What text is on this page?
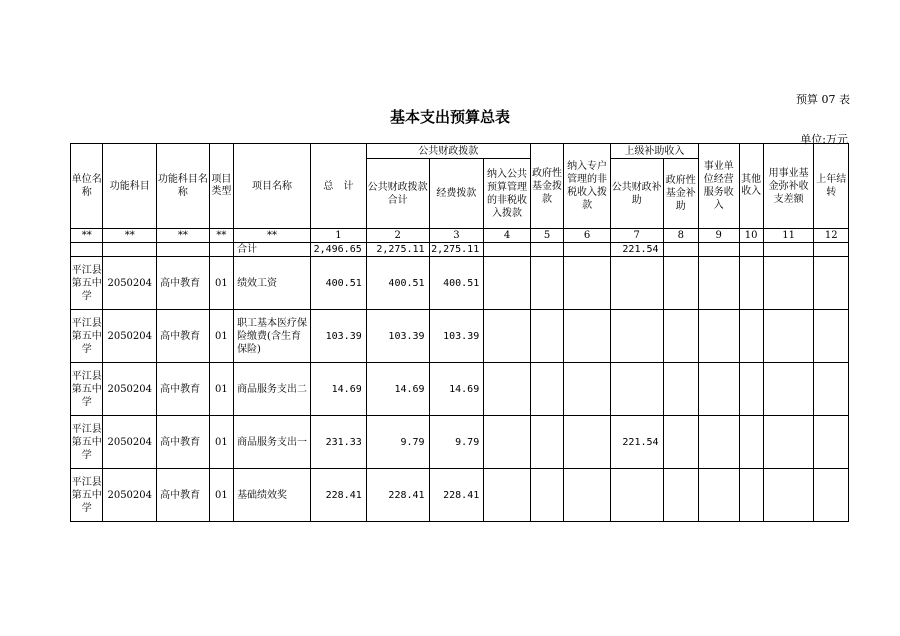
预算 07 表
基本支出预算总表
单位:万元
单位名称	功能科目	功能科目名称	项目类型	项目名称	总　计	公共财政拨款			政府性基金拨款	纳入专户管理的非税收入拨款	上级补助收入		事业单位经营服务收入	其他收入	用事业基金弥补收支差额	上年结转
						公共财政拨款合计	经费拨款	纳入公共预算管理的非税收入拨款			公共财政补助	政府性基金补助				
**	**	**	**	**	1	2	3	4	5	6	7	8	9	10	11	12
				合计	2,496.65	2,275.11	2,275.11				221.54					
平江县第五中学	2050204	高中教育	01	绩效工资	400.51	400.51	400.51									
平江县第五中学	2050204	高中教育	01	职工基本医疗保险缴费(含生育保险)	103.39	103.39	103.39									
平江县第五中学	2050204	高中教育	01	商品服务支出二	14.69	14.69	14.69									
平江县第五中学	2050204	高中教育	01	商品服务支出一	231.33	9.79	9.79				221.54					
平江县第五中学	2050204	高中教育	01	基础绩效奖	228.41	228.41	228.41									
